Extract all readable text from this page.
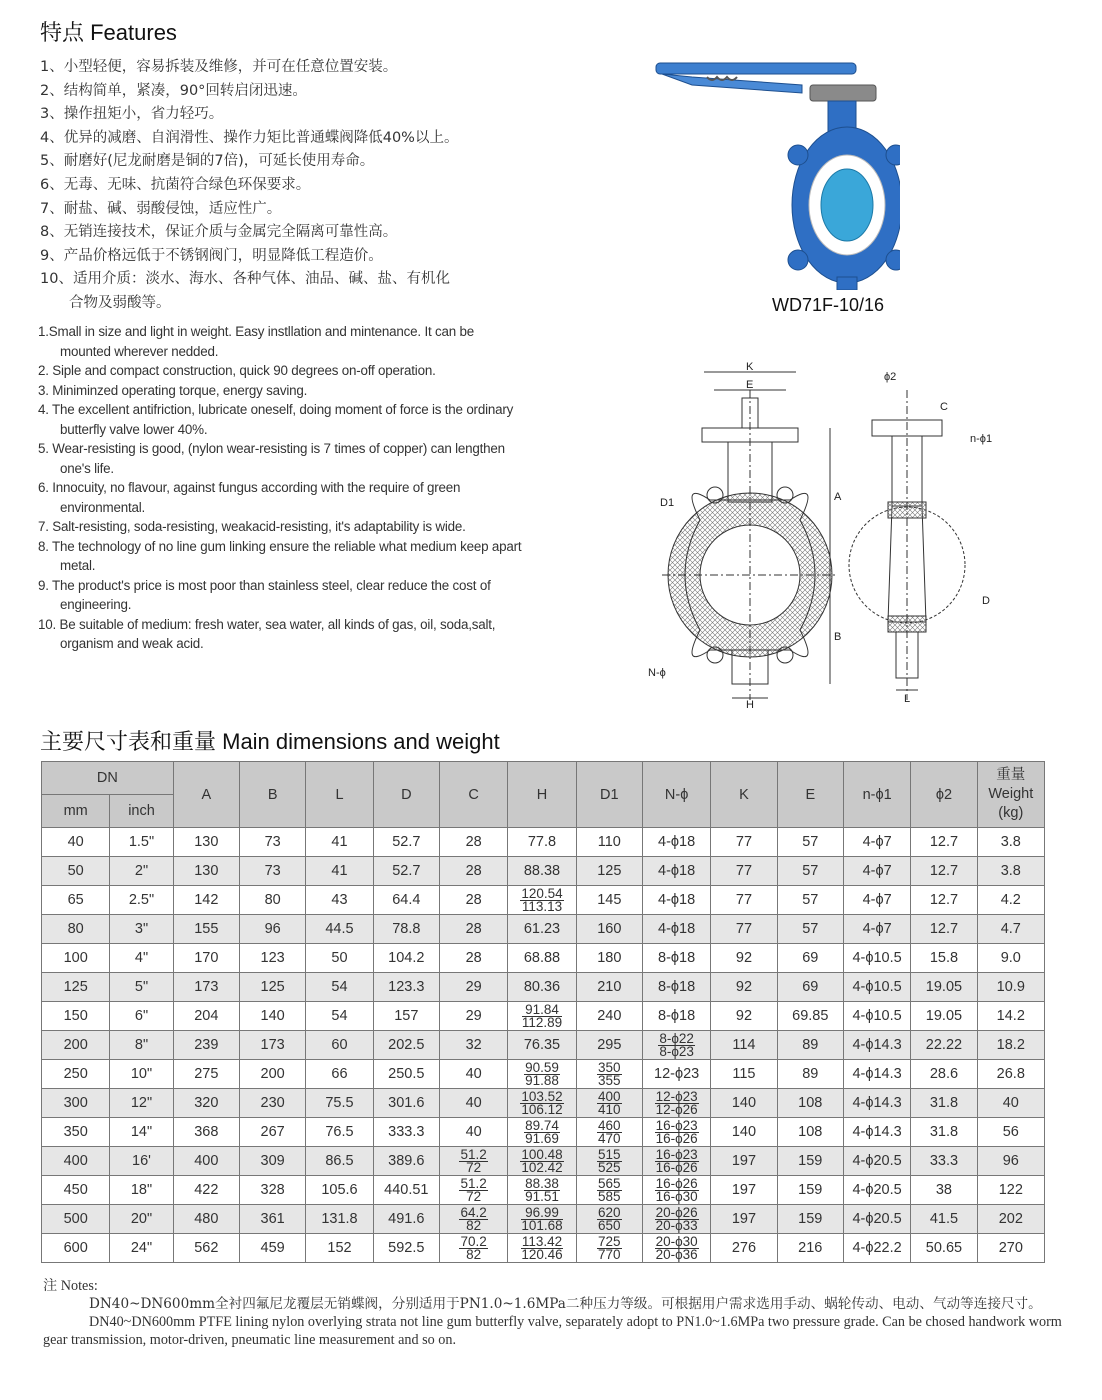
特点 Features
1、小型轻便，容易拆装及维修，并可在任意位置安装。
2、结构简单，紧凑，90°回转启闭迅速。
3、操作扭矩小，省力轻巧。
4、优异的减磨、自润滑性、操作力矩比普通蝶阀降低40%以上。
5、耐磨好(尼龙耐磨是铜的7倍)，可延长使用寿命。
6、无毒、无味、抗菌符合绿色环保要求。
7、耐盐、碱、弱酸侵蚀，适应性广。
8、无销连接技术，保证介质与金属完全隔离可靠性高。
9、产品价格远低于不锈钢阀门，明显降低工程造价。
10、适用介质：淡水、海水、各种气体、油品、碱、盐、有机化
合物及弱酸等。
1.Small in size and light in weight. Easy instllation and mintenance. It can be mounted wherever nedded.
2. Siple and compact construction, quick 90 degrees on-off operation.
3. Miniminzed operating torque, energy saving.
4. The excellent antifriction, lubricate oneself, doing moment of force is the ordinary butterfly valve lower 40%.
5. Wear-resisting is good, (nylon wear-resisting is 7 times of copper) can lengthen one's life.
6. Innocuity, no flavour, against fungus according with the require of green environmental.
7. Salt-resisting, soda-resisting, weakacid-resisting, it's adaptability is wide.
8. The technology of no line gum linking ensure the reliable what medium keep apart metal.
9. The product's price is most poor than stainless steel, clear reduce the cost of engineering.
10. Be suitable of medium: fresh water, sea water, all kinds of gas, oil, soda,salt, organism and weak acid.
WD71F-10/16
K
E
A
B
H
D1
N-ϕ
ϕ2
C
n-ϕ1
D
L
主要尺寸表和重量 Main dimensions and weight
DN		A	B	L	D	C	H	D1	N-ϕ	K	E	n-ϕ1	ϕ2	重量
Weight
(kg)

mm	inch													
40	1.5"	130	73	41	52.7	28	77.8	110	4-ϕ18	77	57	4-ϕ7	12.7	3.8
50	2"	130	73	41	52.7	28	88.38	125	4-ϕ18	77	57	4-ϕ7	12.7	3.8
65	2.5"	142	80	43	64.4	28	$\frac{120.54}{113.13}$	145	4-ϕ18	77	57	4-ϕ7	12.7	4.2
80	3"	155	96	44.5	78.8	28	61.23	160	4-ϕ18	77	57	4-ϕ7	12.7	4.7
100	4"	170	123	50	104.2	28	68.88	180	8-ϕ18	92	69	4-ϕ10.5	15.8	9.0
125	5"	173	125	54	123.3	29	80.36	210	8-ϕ18	92	69	4-ϕ10.5	19.05	10.9
150	6"	204	140	54	157	29	$\frac{91.84}{112.89}$	240	8-ϕ18	92	69.85	4-ϕ10.5	19.05	14.2
200	8"	239	173	60	202.5	32	76.35	295	$\frac{8-\phi 22}{8-\phi 23}$	114	89	4-ϕ14.3	22.22	18.2
250	10"	275	200	66	250.5	40	$\frac{90.59}{91.88}$	$\frac{350}{355}$	12-ϕ23	115	89	4-ϕ14.3	28.6	26.8
300	12"	320	230	75.5	301.6	40	$\frac{103.52}{106.12}$	$\frac{400}{410}$	$\frac{12-\phi 23}{12-\phi 26}$	140	108	4-ϕ14.3	31.8	40
350	14"	368	267	76.5	333.3	40	$\frac{89.74}{91.69}$	$\frac{460}{470}$	$\frac{16-\phi 23}{16-\phi 26}$	140	108	4-ϕ14.3	31.8	56
400	16'	400	309	86.5	389.6	$\frac{51.2}{72}$	$\frac{100.48}{102.42}$	$\frac{515}{525}$	$\frac{16-\phi 23}{16-\phi 26}$	197	159	4-ϕ20.5	33.3	96
450	18"	422	328	105.6	440.51	$\frac{51.2}{72}$	$\frac{88.38}{91.51}$	$\frac{565}{585}$	$\frac{16-\phi 26}{16-\phi 30}$	197	159	4-ϕ20.5	38	122
500	20"	480	361	131.8	491.6	$\frac{64.2}{82}$	$\frac{96.99}{101.68}$	$\frac{620}{650}$	$\frac{20-\phi 26}{20-\phi 33}$	197	159	4-ϕ20.5	41.5	202
600	24"	562	459	152	592.5	$\frac{70.2}{82}$	$\frac{113.42}{120.46}$	$\frac{725}{770}$	$\frac{20-\phi 30}{20-\phi 36}$	276	216	4-ϕ22.2	50.65	270

注 Notes:

DN40~DN600mm全衬四氟尼龙覆层无销蝶阀，分别适用于PN1.0~1.6MPa二种压力等级。可根据用户需求选用手动、蜗轮传动、电动、气动等连接尺寸。

DN40~DN600mm PTFE lining nylon overlying strata not line gum butterfly valve, separately adopt to PN1.0~1.6MPa two pressure grade. Can be chosed handwork worm gear transmission, motor-driven, pneumatic line measurement and so on.
